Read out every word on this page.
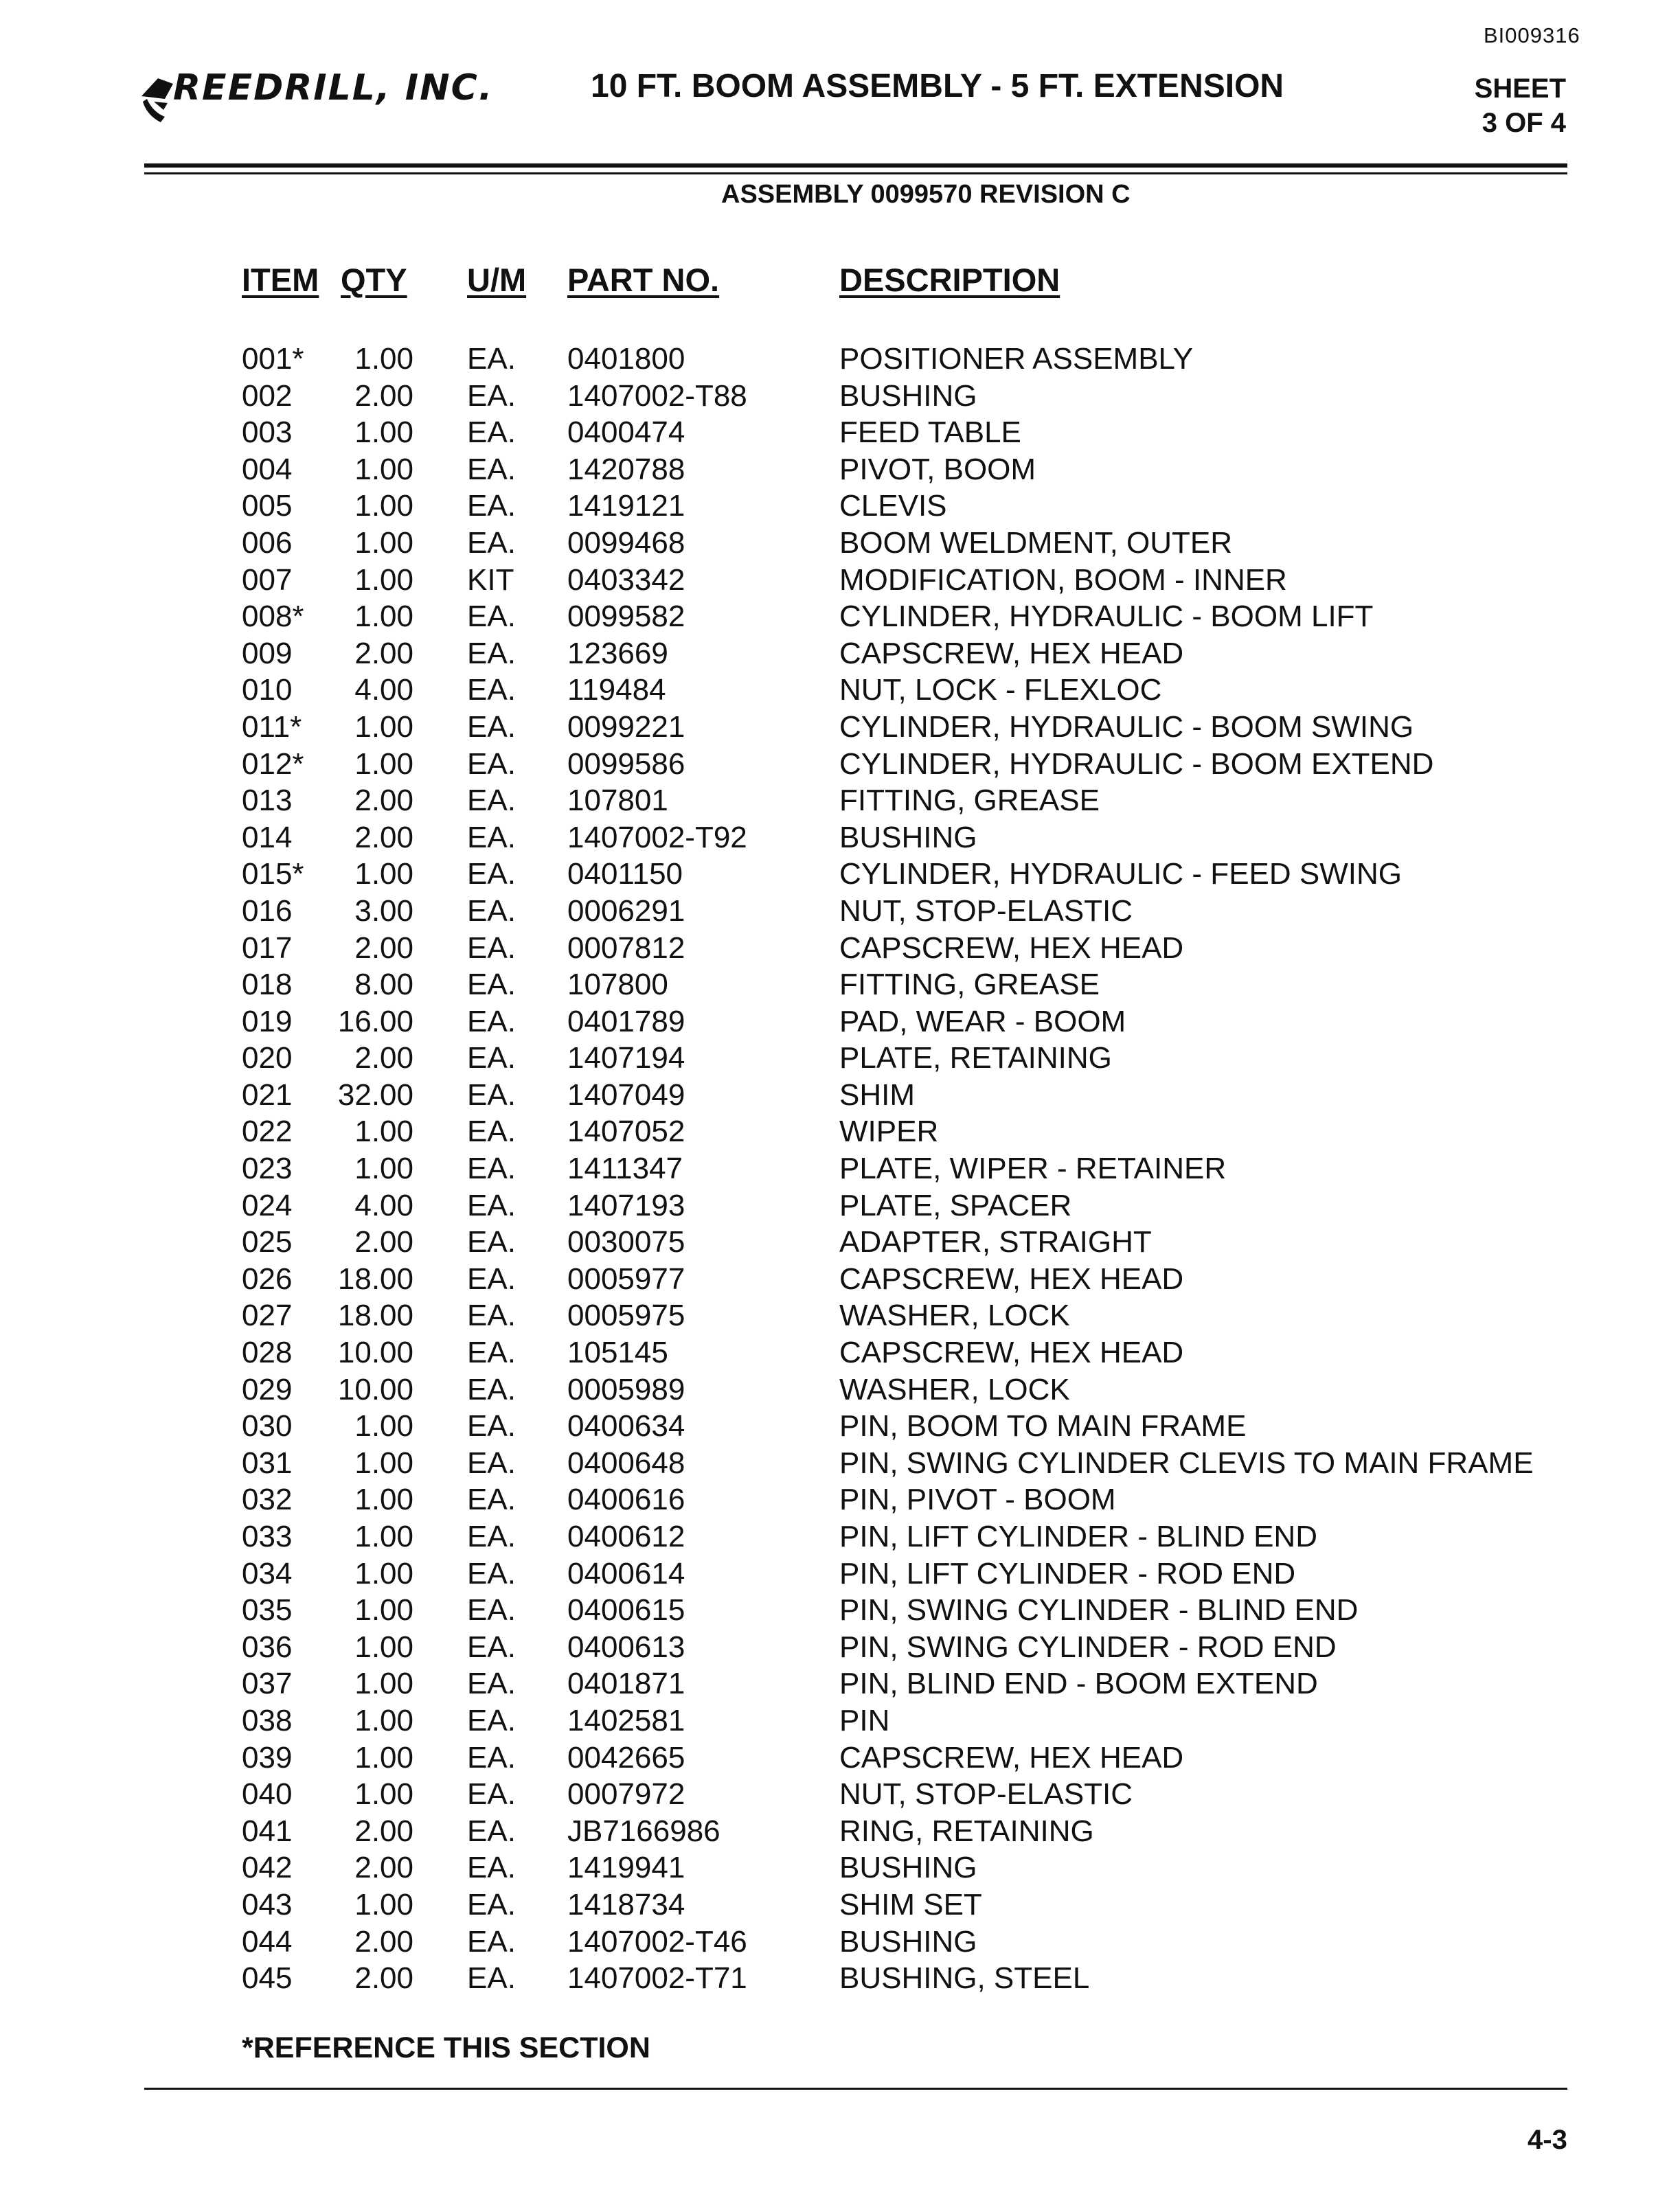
BI009316
REEDRILL, INC.	10 FT. BOOM ASSEMBLY - 5 FT. EXTENSION	SHEET
3 OF 4
ASSEMBLY 0099570 REVISION C
ITEM QTY U/M PART NO.	DESCRIPTION
001*	1.00 EA. 0401800	POSITIONER ASSEMBLY
002	2.00 EA. 1407002-T88	BUSHING
003	1.00 EA. 0400474	FEED TABLE
004	1.00 EA. 1420788	PIVOT, BOOM
005	1.00 EA. 1419121	CLEVIS
006	1.00 EA. 0099468	BOOM WELDMENT, OUTER
007	1.00 KIT 0403342	MODIFICATION, BOOM - INNER
008*	1.00 EA. 0099582	CYLINDER, HYDRAULIC - BOOM LIFT
009	2.00 EA. 123669	CAPSCREW, HEX HEAD
010	4.00 EA. 119484	NUT, LOCK - FLEXLOC
011*	1.00 EA. 0099221	CYLINDER, HYDRAULIC - BOOM SWING
012*	1.00 EA. 0099586	CYLINDER, HYDRAULIC - BOOM EXTEND
013	2.00 EA. 107801	FITTING, GREASE
014	2.00 EA. 1407002-T92	BUSHING
015*	1.00 EA. 0401150	CYLINDER, HYDRAULIC - FEED SWING
016	3.00 EA. 0006291	NUT, STOP-ELASTIC
017	2.00 EA. 0007812	CAPSCREW, HEX HEAD
018	8.00 EA. 107800	FITTING, GREASE
019	16.00 EA. 0401789	PAD, WEAR - BOOM
020	2.00 EA. 1407194	PLATE, RETAINING
021	32.00 EA. 1407049	SHIM
022	1.00 EA. 1407052	WIPER
023	1.00 EA. 1411347	PLATE, WIPER - RETAINER
024	4.00 EA. 1407193	PLATE, SPACER
025	2.00 EA. 0030075	ADAPTER, STRAIGHT
026	18.00 EA. 0005977	CAPSCREW, HEX HEAD
027	18.00 EA. 0005975	WASHER, LOCK
028	10.00 EA. 105145	CAPSCREW, HEX HEAD
029	10.00 EA. 0005989	WASHER, LOCK
030	1.00 EA. 0400634	PIN, BOOM TO MAIN FRAME
031	1.00 EA. 0400648	PIN, SWING CYLINDER CLEVIS TO MAIN FRAME
032	1.00 EA. 0400616	PIN, PIVOT - BOOM
033	1.00 EA. 0400612	PIN, LIFT CYLINDER - BLIND END
034	1.00 EA. 0400614	PIN, LIFT CYLINDER - ROD END
035	1.00 EA. 0400615	PIN, SWING CYLINDER - BLIND END
036	1.00 EA. 0400613	PIN, SWING CYLINDER - ROD END
037	1.00 EA. 0401871	PIN, BLIND END - BOOM EXTEND
038	1.00 EA. 1402581	PIN
039	1.00 EA. 0042665	CAPSCREW, HEX HEAD
040	1.00 EA. 0007972	NUT, STOP-ELASTIC
041	2.00 EA. JB7166986	RING, RETAINING
042	2.00 EA. 1419941	BUSHING
043	1.00 EA. 1418734	SHIM SET
044	2.00 EA. 1407002-T46	BUSHING
045	2.00 EA. 1407002-T71	BUSHING, STEEL
*REFERENCE THIS SECTION
4-3
